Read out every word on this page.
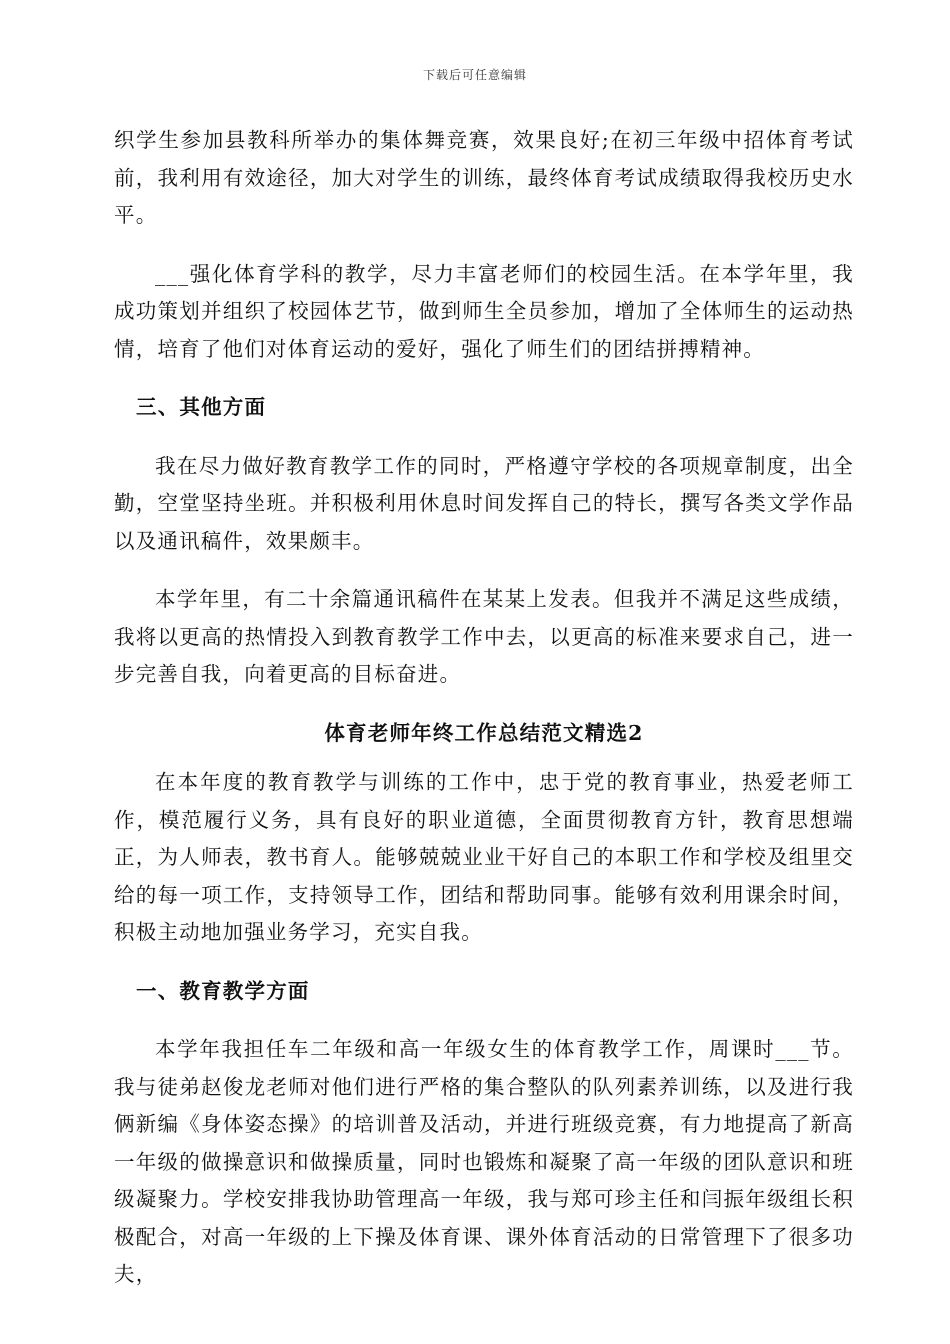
下载后可任意编辑

织学生参加县教科所举办的集体舞竞赛，效果良好;在初三年级中招体育考试前，我利用有效途径，加大对学生的训练，最终体育考试成绩取得我校历史水平。

___强化体育学科的教学，尽力丰富老师们的校园生活。在本学年里，我成功策划并组织了校园体艺节，做到师生全员参加，增加了全体师生的运动热情，培育了他们对体育运动的爱好，强化了师生们的团结拼搏精神。

三、其他方面

我在尽力做好教育教学工作的同时，严格遵守学校的各项规章制度，出全勤，空堂坚持坐班。并积极利用休息时间发挥自己的特长，撰写各类文学作品以及通讯稿件，效果颇丰。

本学年里，有二十余篇通讯稿件在某某上发表。但我并不满足这些成绩，我将以更高的热情投入到教育教学工作中去，以更高的标准来要求自己，进一步完善自我，向着更高的目标奋进。

体育老师年终工作总结范文精选2

在本年度的教育教学与训练的工作中，忠于党的教育事业，热爱老师工作，模范履行义务，具有良好的职业道德，全面贯彻教育方针，教育思想端正，为人师表，教书育人。能够兢兢业业干好自己的本职工作和学校及组里交给的每一项工作，支持领导工作，团结和帮助同事。能够有效利用课余时间，积极主动地加强业务学习，充实自我。

一、教育教学方面

本学年我担任车二年级和高一年级女生的体育教学工作，周课时___节。我与徒弟赵俊龙老师对他们进行严格的集合整队的队列素养训练，以及进行我俩新编《身体姿态操》的培训普及活动，并进行班级竞赛，有力地提高了新高一年级的做操意识和做操质量，同时也锻炼和凝聚了高一年级的团队意识和班级凝聚力。学校安排我协助管理高一年级，我与郑可珍主任和闫振年级组长积极配合，对高一年级的上下操及体育课、课外体育活动的日常管理下了很多功夫，
